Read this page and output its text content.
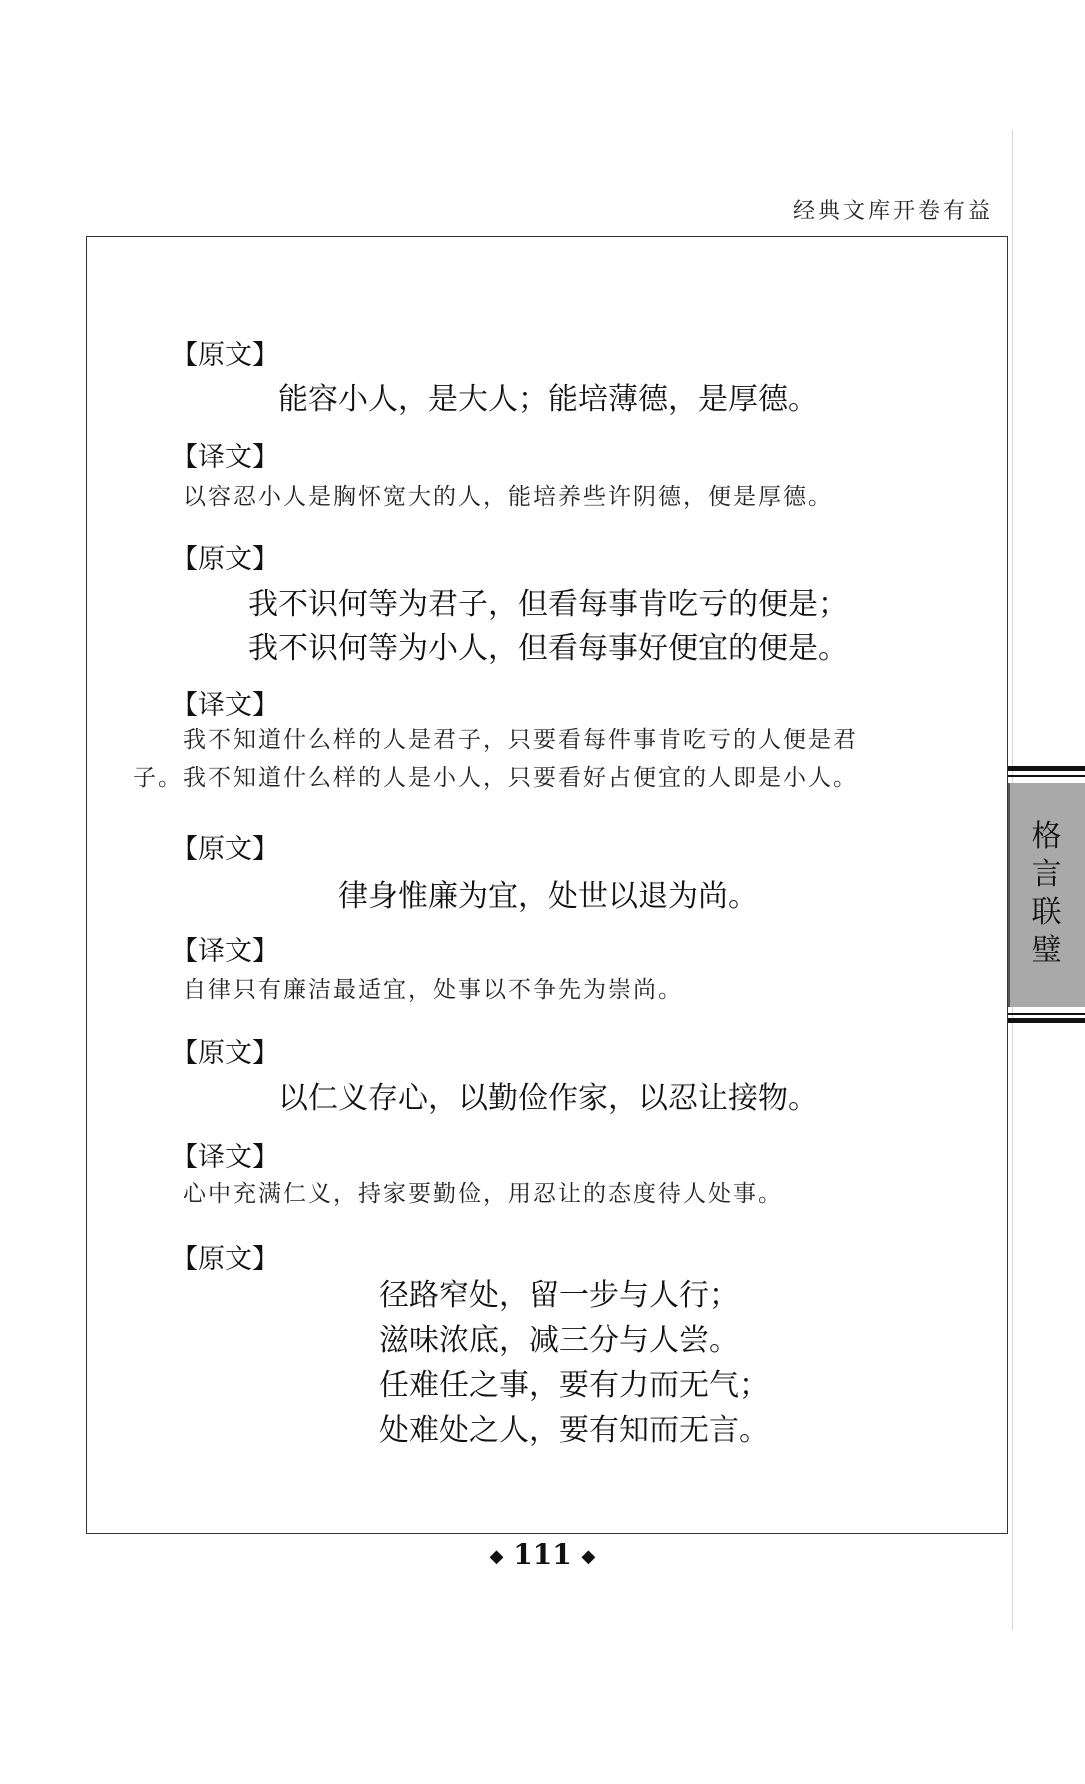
经典文库开卷有益
【原文】
能容小人，是大人；能培薄德，是厚德。
【译文】
以容忍小人是胸怀宽大的人，能培养些许阴德，便是厚德。
【原文】
我不识何等为君子，但看每事肯吃亏的便是；
我不识何等为小人，但看每事好便宜的便是。
【译文】
我不知道什么样的人是君子，只要看每件事肯吃亏的人便是君子。我不知道什么样的人是小人，只要看好占便宜的人即是小人。
【原文】
律身惟廉为宜，处世以退为尚。
【译文】
自律只有廉洁最适宜，处事以不争先为崇尚。
【原文】
以仁义存心，以勤俭作家，以忍让接物。
【译文】
心中充满仁义，持家要勤俭，用忍让的态度待人处事。
【原文】
径路窄处，留一步与人行；
滋味浓底，减三分与人尝。
任难任之事，要有力而无气；
处难处之人，要有知而无言。
格
言
联
璧
◆ 111 ◆
